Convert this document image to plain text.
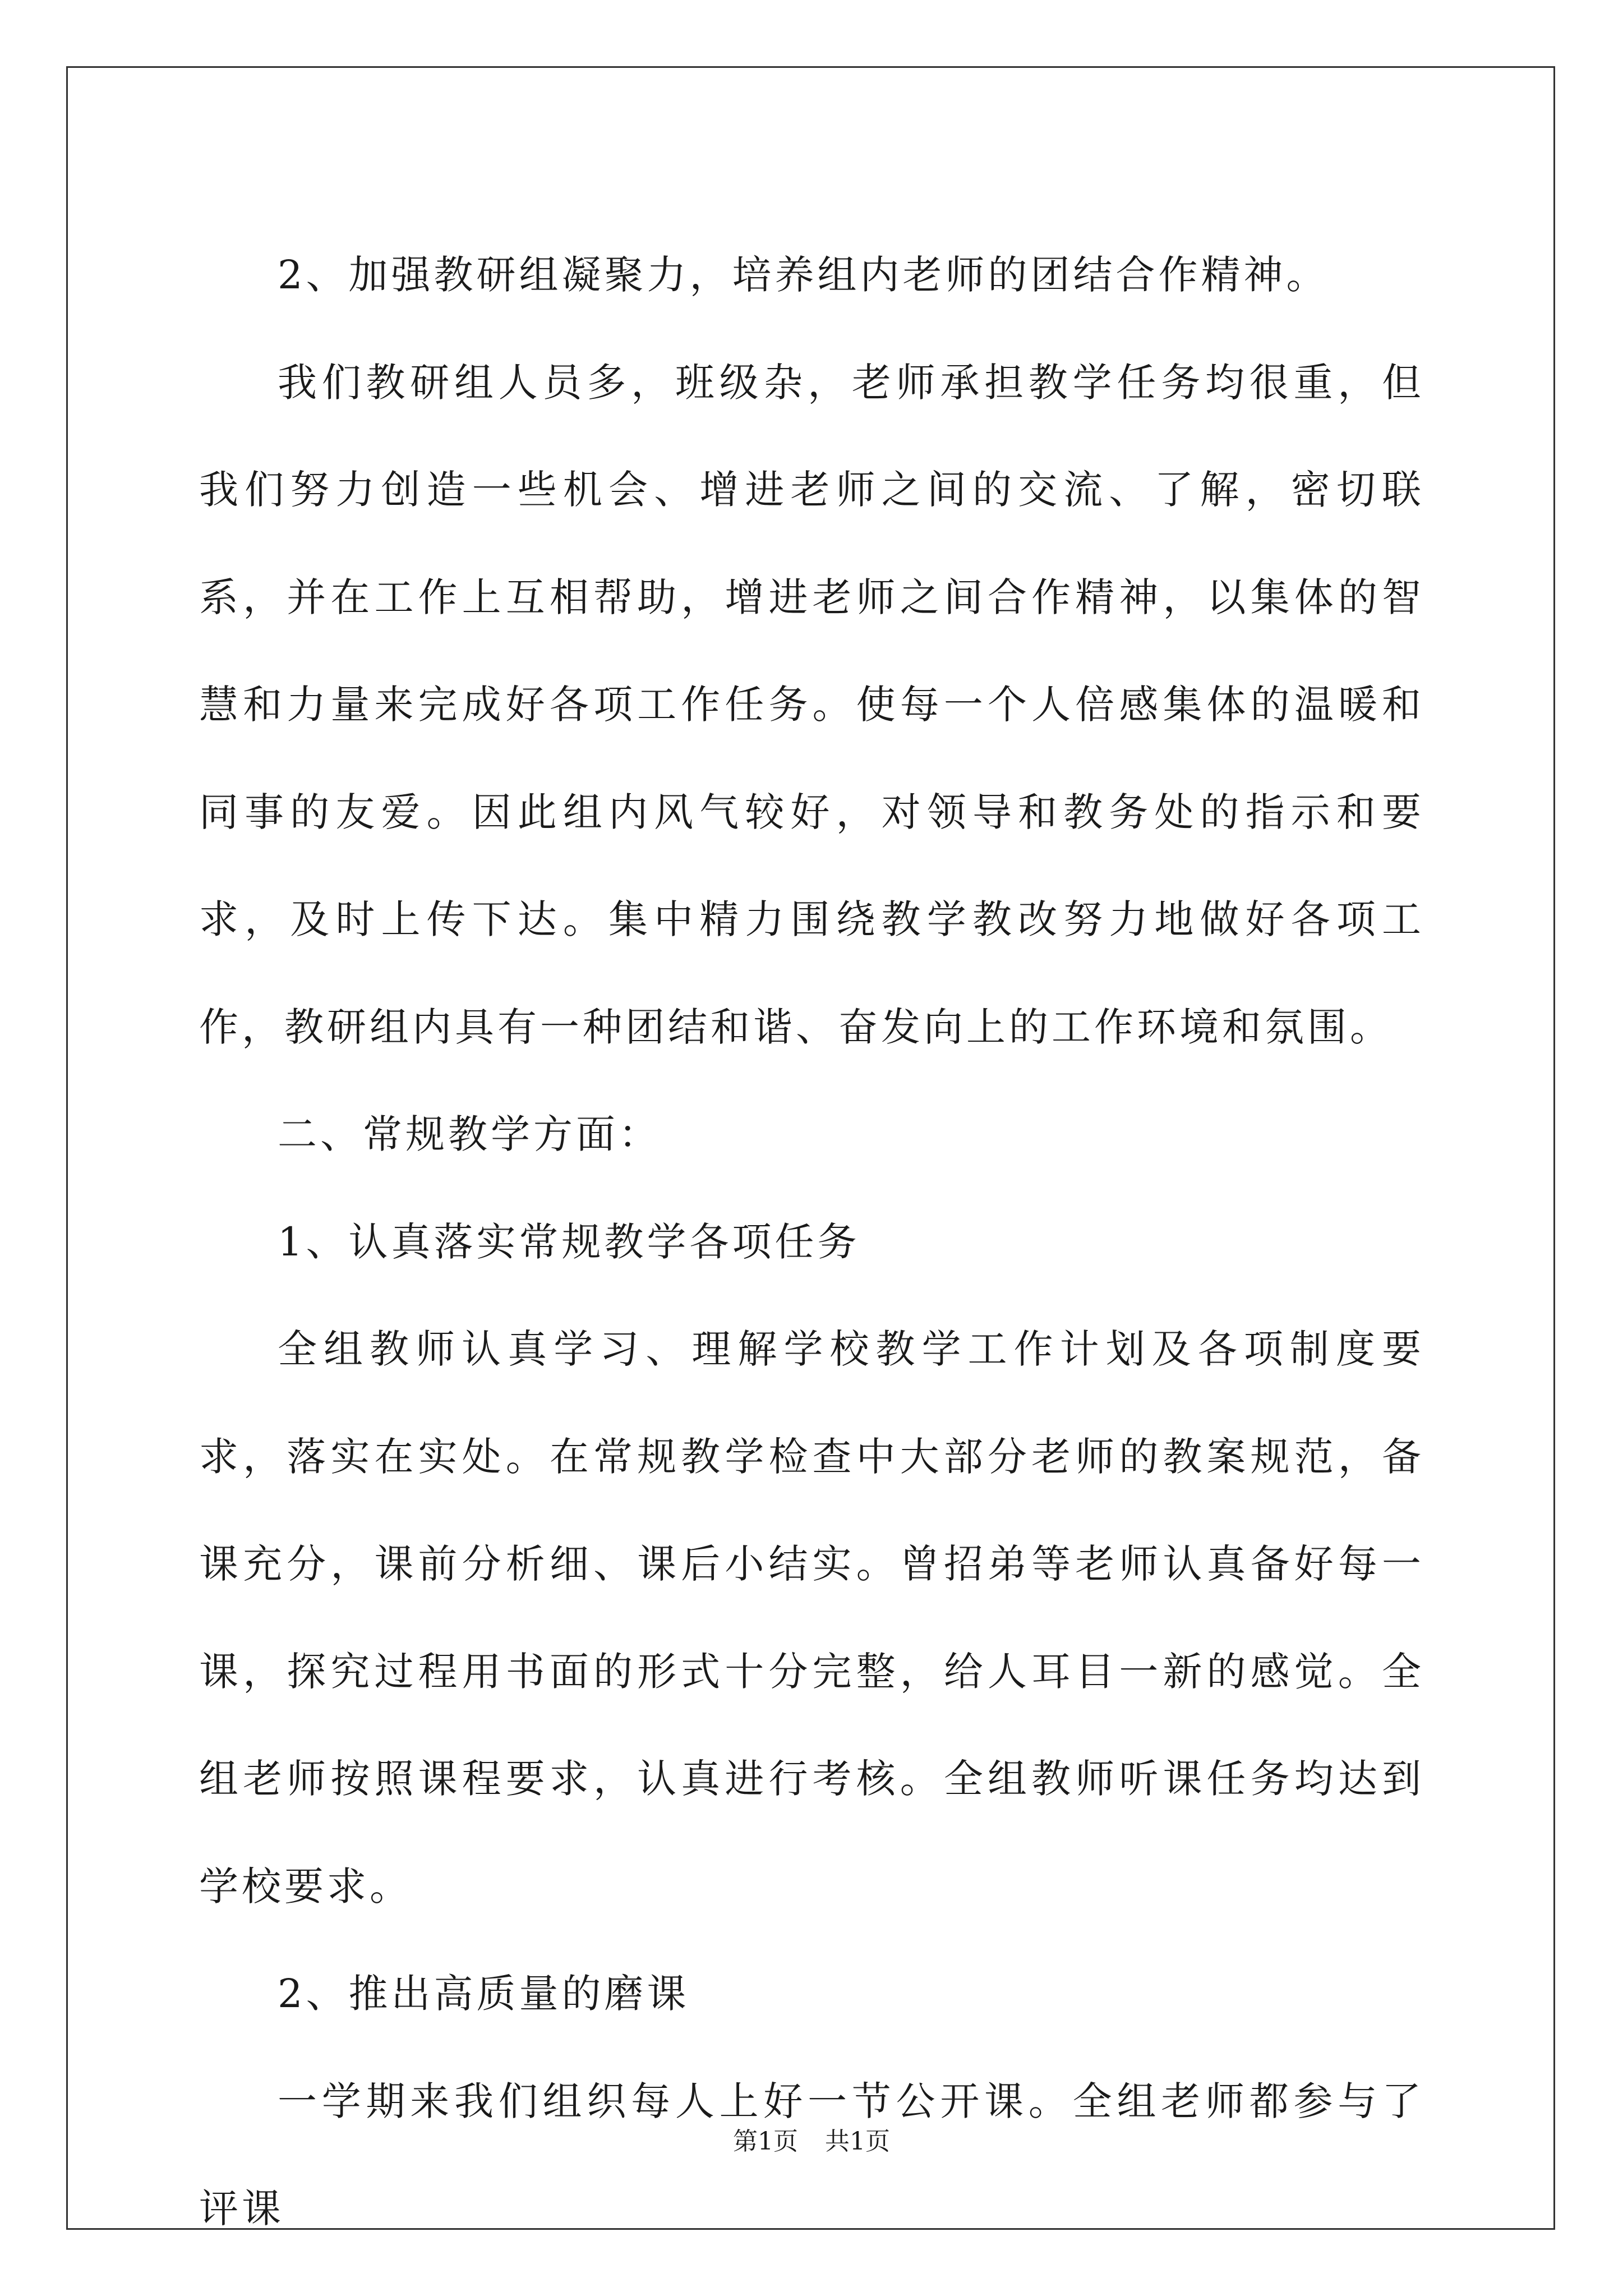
2、加强教研组凝聚力，培养组内老师的团结合作精神。

我们教研组人员多，班级杂，老师承担教学任务均很重，但我们努力创造一些机会、增进老师之间的交流、了解，密切联系，并在工作上互相帮助，增进老师之间合作精神，以集体的智慧和力量来完成好各项工作任务。使每一个人倍感集体的温暖和同事的友爱。因此组内风气较好，对领导和教务处的指示和要求，及时上传下达。集中精力围绕教学教改努力地做好各项工作，教研组内具有一种团结和谐、奋发向上的工作环境和氛围。

二、常规教学方面：

1、认真落实常规教学各项任务

全组教师认真学习、理解学校教学工作计划及各项制度要求，落实在实处。在常规教学检查中大部分老师的教案规范，备课充分，课前分析细、课后小结实。曾招弟等老师认真备好每一课，探究过程用书面的形式十分完整，给人耳目一新的感觉。全组老师按照课程要求，认真进行考核。全组教师听课任务均达到学校要求。

2、推出高质量的磨课

一学期来我们组织每人上好一节公开课。全组老师都参与了评课

第1页 共1页
